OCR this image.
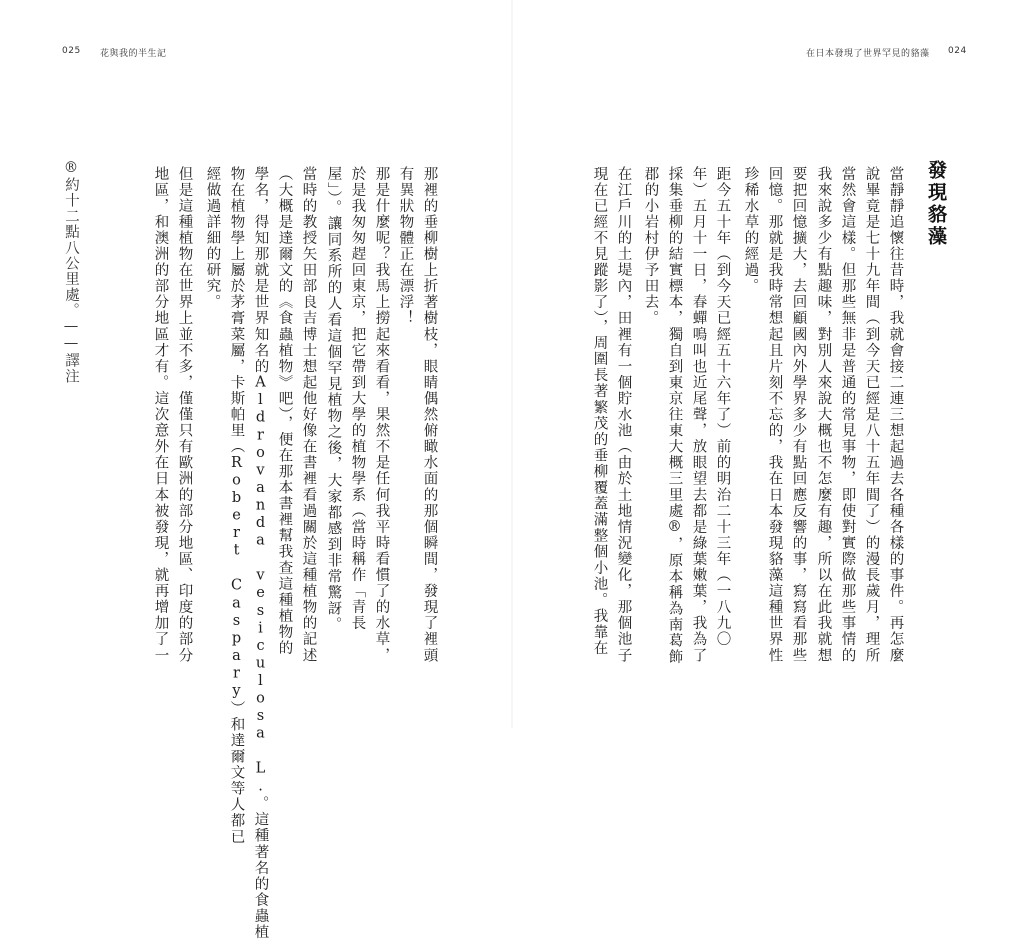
025 花與我的半生記	在日本發現了世界罕見的貉藻 024
發現貉藻
當靜靜追懷往昔時，我就會接二連三想起過去各種各樣的事件。再怎麼
說畢竟是七十九年間（到今天已經是八十五年間了）的漫長歲月，理所
當然會這樣。但那些無非是普通的常見事物，即使對實際做那些事情的
我來說多少有點趣味，對別人來說大概也不怎麼有趣，所以在此我就想
要把回憶擴大，去回顧國內外學界多少有點回應反響的事，寫寫看那些
回憶。那就是我時常想起且片刻不忘的，我在日本發現貉藻這種世界性
珍稀水草的經過。
距今五十年（到今天已經五十六年了）前的明治二十三年（一八九〇
年）五月十一日，春蟬鳴叫也近尾聲，放眼望去都是綠葉嫩葉，我為了
採集垂柳的結實標本，獨自到東京往東大概三里處®，原本稱為南葛飾
郡的小岩村伊予田去。
在江戶川的土堤內，田裡有一個貯水池（由於土地情況變化，那個池子
現在已經不見蹤影了），周圍長著繁茂的垂柳覆蓋滿整個小池。我靠在
那裡的垂柳樹上折著樹枝，眼睛偶然俯瞰水面的那個瞬間，發現了裡頭
有異狀物體正在漂浮！
那是什麼呢？我馬上撈起來看看，果然不是任何我平時看慣了的水草，
於是我匆匆趕回東京，把它帶到大學的植物學系（當時稱作「青長
屋」）。讓同系所的人看這個罕見植物之後，大家都感到非常驚訝。
當時的教授矢田部良吉博士想起他好像在書裡看過關於這種植物的記述
（大概是達爾文的《食蟲植物》吧），便在那本書裡幫我查這種植物的
學名，得知那就是世界知名的Aldrovanda vesiculosa L.。這種著名的食蟲植
物在植物學上屬於茅膏菜屬，卡斯帕里（Robert Caspary）和達爾文等人都已
經做過詳細的研究。
但是這種植物在世界上並不多，僅僅只有歐洲的部分地區、印度的部分
地區，和澳洲的部分地區才有。這次意外在日本被發現，就再增加了一
®約十二點八公里處。——譯注
